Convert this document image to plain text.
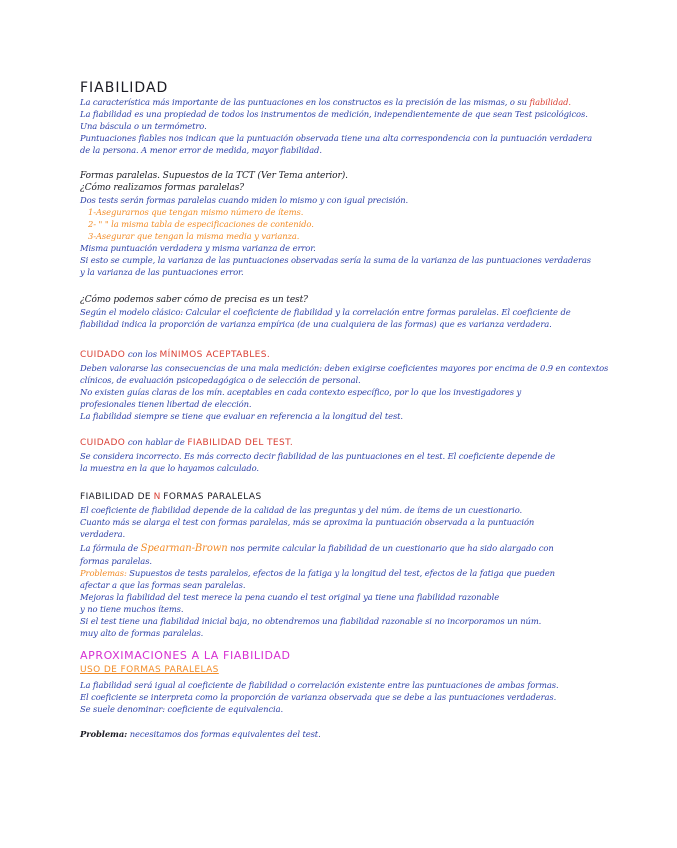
FIABILIDAD
La característica más importante de las puntuaciones en los constructos es la precisión de las mismas, o su fiabilidad.
La fiabilidad es una propiedad de todos los instrumentos de medición, independientemente de que sean Test psicológicos.
Una báscula o un termómetro.
Puntuaciones fiables nos indican que la puntuación observada tiene una alta correspondencia con la puntuación verdadera
de la persona. A menor error de medida, mayor fiabilidad.
Formas paralelas. Supuestos de la TCT (Ver Tema anterior).
¿Cómo realizamos formas paralelas?
Dos tests serán formas paralelas cuando miden lo mismo y con igual precisión.
1-Asegurarnos que tengan mismo número de ítems.
2- " " la misma tabla de especificaciones de contenido.
3-Asegurar que tengan la misma media y varianza.
Misma puntuación verdadera y misma varianza de error.
Si esto se cumple, la varianza de las puntuaciones observadas sería la suma de la varianza de las puntuaciones verdaderas
y la varianza de las puntuaciones error.
¿Cómo podemos saber cómo de precisa es un test?
Según el modelo clásico: Calcular el coeficiente de fiabilidad y la correlación entre formas paralelas. El coeficiente de
fiabilidad indica la proporción de varianza empírica (de una cualquiera de las formas) que es varianza verdadera.
CUIDADO con los MÍNIMOS ACEPTABLES.
Deben valorarse las consecuencias de una mala medición: deben exigirse coeficientes mayores por encima de 0.9 en contextos
clínicos, de evaluación psicopedagógica o de selección de personal.
No existen guías claras de los mín. aceptables en cada contexto específico, por lo que los investigadores y
profesionales tienen libertad de elección.
La fiabilidad siempre se tiene que evaluar en referencia a la longitud del test.
CUIDADO con hablar de FIABILIDAD DEL TEST.
Se considera incorrecto. Es más correcto decir fiabilidad de las puntuaciones en el test. El coeficiente depende de
la muestra en la que lo hayamos calculado.
FIABILIDAD DE N FORMAS PARALELAS
El coeficiente de fiabilidad depende de la calidad de las preguntas y del núm. de ítems de un cuestionario.
Cuanto más se alarga el test con formas paralelas, más se aproxima la puntuación observada a la puntuación
verdadera.
La fórmula de Spearman-Brown nos permite calcular la fiabilidad de un cuestionario que ha sido alargado con
formas paralelas.
Problemas: Supuestos de tests paralelos, efectos de la fatiga y la longitud del test, efectos de la fatiga que pueden
afectar a que las formas sean paralelas.
Mejoras la fiabilidad del test merece la pena cuando el test original ya tiene una fiabilidad razonable
y no tiene muchos ítems.
Si el test tiene una fiabilidad inicial baja, no obtendremos una fiabilidad razonable si no incorporamos un núm.
muy alto de formas paralelas.
APROXIMACIONES A LA FIABILIDAD
USO DE FORMAS PARALELAS
La fiabilidad será igual al coeficiente de fiabilidad o correlación existente entre las puntuaciones de ambas formas.
El coeficiente se interpreta como la proporción de varianza observada que se debe a las puntuaciones verdaderas.
Se suele denominar: coeficiente de equivalencia.
Problema: necesitamos dos formas equivalentes del test.
